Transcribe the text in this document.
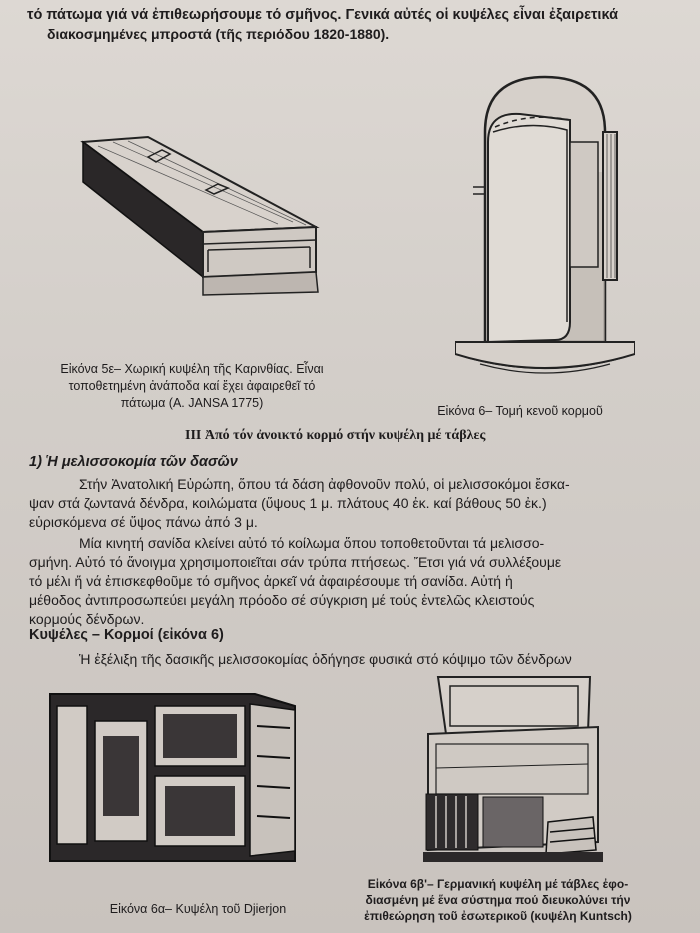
τό πάτωμα γιά νά ἐπιθεωρήσουμε τό σμῆνος. Γενικά αὐτές οἱ κυψέλες εἶναι ἐξαιρετικά
διακοσμημένες μπροστά (τῆς περιόδου 1820-1880).
Εἰκόνα 5ε– Χωρική κυψέλη τῆς Καρινθίας. Εἶναι
τοποθετημένη ἀνάποδα καί ἔχει ἀφαιρεθεῖ τό
πάτωμα (A. JANSA 1775)
Εἰκόνα 6– Τομή κενοῦ κορμοῦ
ΙΙΙ Ἀπό τόν ἀνοικτό κορμό στήν κυψέλη μέ τάβλες
1) Ἡ μελισσοκομία τῶν δασῶν
Στήν Ἀνατολική Εὐρώπη, ὅπου τά δάση ἀφθονοῦν πολύ, οἱ μελισσοκόμοι ἔσκα-
ψαν στά ζωντανά δένδρα, κοιλώματα (ὕψους 1 μ. πλάτους 40 ἐκ. καί βάθους 50 ἐκ.)
εὑρισκόμενα σέ ὕψος πάνω ἀπό 3 μ.
Μία κινητή σανίδα κλείνει αὐτό τό κοίλωμα ὅπου τοποθετοῦνται τά μελισσο-
σμήνη. Αὐτό τό ἄνοιγμα χρησιμοποιεῖται σάν τρύπα πτήσεως. Ἔτσι γιά νά συλλέξουμε
τό μέλι ἤ νά ἐπισκεφθοῦμε τό σμῆνος ἀρκεῖ νά ἀφαιρέσουμε τή σανίδα. Αὐτή ἡ
μέθοδος ἀντιπροσωπεύει μεγάλη πρόοδο σέ σύγκριση μέ τούς ἐντελῶς κλειστούς
κορμούς δένδρων.
Κυψέλες – Κορμοί (εἰκόνα 6)
Ἡ ἐξέλιξη τῆς δασικῆς μελισσοκομίας ὁδήγησε φυσικά στό κόψιμο τῶν δένδρων
Εἰκόνα 6α– Κυψέλη τοῦ Djierjon
Εἰκόνα 6β'– Γερμανική κυψέλη μέ τάβλες ἐφο-
διασμένη μέ ἕνα σύστημα πού διευκολύνει τήν
ἐπιθεώρηση τοῦ ἐσωτερικοῦ (κυψέλη Kuntsch)
